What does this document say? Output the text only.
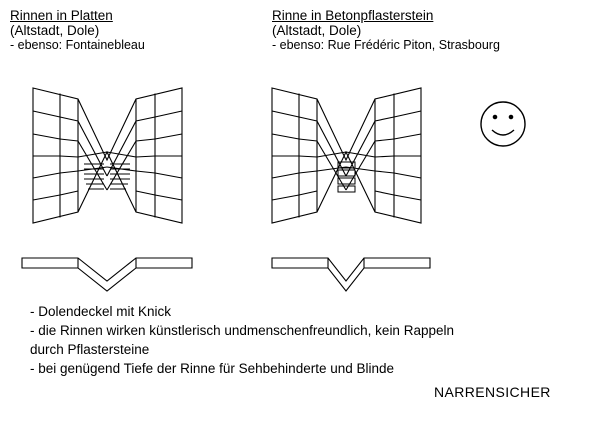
Rinnen in Platten
(Altstadt, Dole)
- ebenso: Fontainebleau
Rinne in Betonpflasterstein
(Altstadt, Dole)
- ebenso: Rue Frédéric Piton, Strasbourg
- Dolendeckel mit Knick
- die Rinnen wirken künstlerisch undmenschenfreundlich, kein Rappeln
durch Pflastersteine
- bei genügend Tiefe der Rinne für Sehbehinderte und Blinde
NARRENSICHER
